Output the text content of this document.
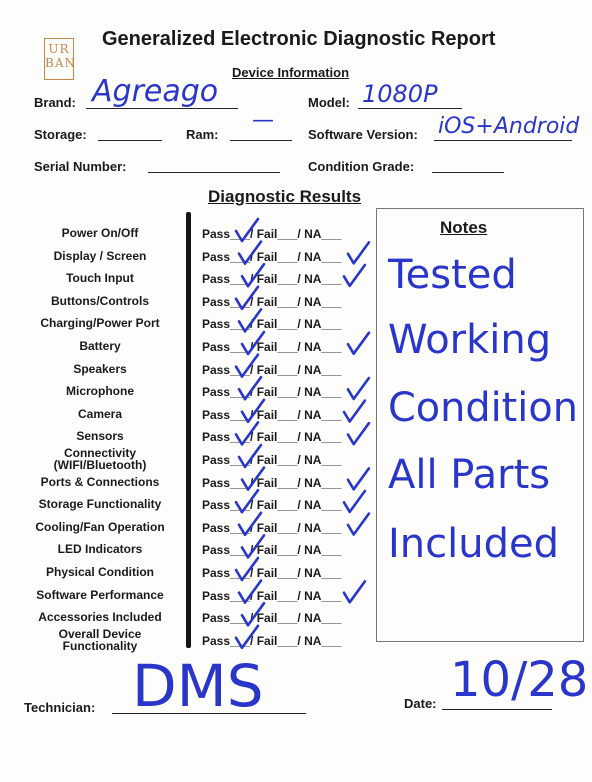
UR
BAN
Generalized Electronic Diagnostic Report
Device Information
Brand: Agreago	Model: 1080P
Storage:	Ram:
—
Software Version: iOS+Android
Serial Number:	Condition Grade:
Diagnostic Results
Power On/Off	Pass___/ Fail___/ NA___
Display / Screen	Pass___/ Fail___/ NA___
Touch Input	Pass___/ Fail___/ NA___
Buttons/Controls	Pass___/ Fail___/ NA___
Charging/Power Port	Pass___/ Fail___/ NA___
Battery	Pass___/ Fail___/ NA___
Speakers	Pass___/ Fail___/ NA___
Microphone	Pass___/ Fail___/ NA___
Camera	Pass___/ Fail___/ NA___
Sensors	Pass___/ Fail___/ NA___
Connectivity
(WIFI/Bluetooth)	Pass___/ Fail___/ NA___
Ports & Connections	Pass___/ Fail___/ NA___
Storage Functionality	Pass___/ Fail___/ NA___
Cooling/Fan Operation	Pass___/ Fail___/ NA___
LED Indicators	Pass___/ Fail___/ NA___
Physical Condition	Pass___/ Fail___/ NA___
Software Performance	Pass___/ Fail___/ NA___
Accessories Included	Pass___/ Fail___/ NA___
Overall Device
Functionality	Pass___/ Fail___/ NA___
Notes
Tested
Working
Condition
All Parts
Included
Technician: DMS	Date: 10/28
